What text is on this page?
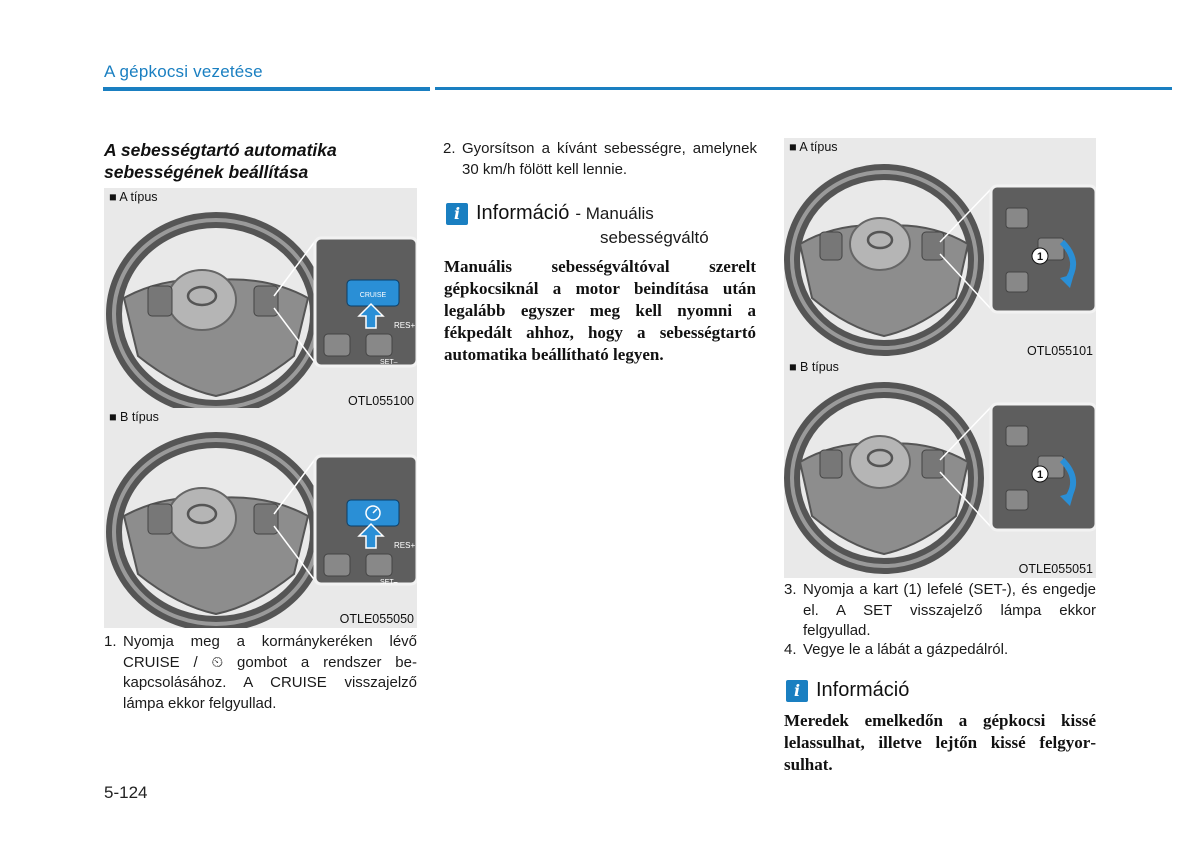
A gépkocsi vezetése
A sebességtartó automatika sebességének beállítása
■ A típus
CRUISE
RES+
SET–
OTL055100
■ B típus
RES+
SET–
OTLE055050
1. Nyomja meg a kormánykeréken lévő CRUISE / ⏲ gombot a rendszer bekapcsolásához. A CRUISE visszajelző lámpa ekkor felgyullad.
2. Gyorsítson a kívánt sebességre, amelynek 30 km/h fölött kell lennie.
i Információ - Manuális
sebességváltó
Manuális sebességváltóval szerelt gépkocsiknál a motor beindítása után legalább egyszer meg kell nyomni a fékpedált ahhoz, hogy a sebességtartó automatika beállítható legyen.
■ A típus
1
OTL055101
■ B típus
1
OTLE055051
3. Nyomja a kart (1) lefelé (SET-), és engedje el. A SET visszajelző lámpa ekkor felgyullad.
4. Vegye le a lábát a gázpedálról.
i Információ
Meredek emelkedőn a gépkocsi kissé lelassulhat, illetve lejtőn kissé felgyorsulhat.
5-124
